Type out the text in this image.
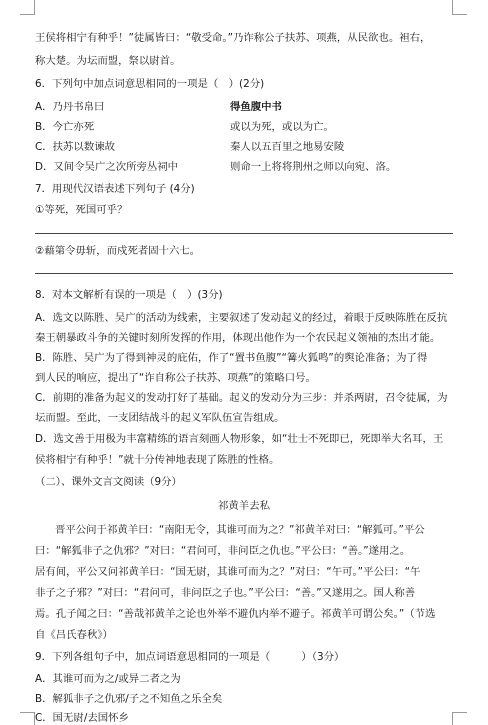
王侯将相宁有种乎！”徒属皆曰：“敬受命。”乃诈称公子扶苏、项燕，从民欲也。袒右，
称大楚。为坛而盟，祭以尉首。
6．下列句中加点词意思相同的一项是（　）(2分)
A．乃丹书帛曰	得鱼腹中书
B．今亡亦死	或以为死，或以为亡。
C．扶苏以数谏故	秦人以五百里之地易安陵
D．又间令吴广之次所旁丛祠中	则命一上将将荆州之师以向宛、洛。
7．用现代汉语表述下列句子 (4分)
①等死，死国可乎？
②藉第令毋斩，而戍死者固十六七。
8．对本文解析有误的一项是（　）(3分)
A．选文以陈胜、吴广的活动为线索，主要叙述了发动起义的经过，着眼于反映陈胜在反抗
秦王朝暴政斗争的关键时刻所发挥的作用，体现出他作为一个农民起义领袖的杰出才能。
B．陈胜、吴广为了得到神灵的庇佑，作了“置书鱼腹”“篝火狐鸣”的舆论准备；为了得
到人民的响应，提出了“诈自称公子扶苏、项燕”的策略口号。
C．前期的准备为起义的发动打好了基础。起义的发动分为三步：并杀两尉，召令徒属，为
坛而盟。至此，一支团结战斗的起义军队伍宣告组成。
D．选文善于用极为丰富精练的语言刻画人物形象，如“壮士不死即已，死即举大名耳，王
侯将相宁有种乎！”就十分传神地表现了陈胜的性格。
（二）、课外文言文阅读（9分）
祁黄羊去私
晋平公问于祁黄羊曰：“南阳无令，其谁可而为之？”祁黄羊对曰：“解狐可。”平公
曰：“解狐非子之仇邪？”对曰：“君问可，非问臣之仇也。”平公曰：“善。”遂用之。
居有间，平公又问祁黄羊曰：“国无尉，其谁可而为之？”对曰：“午可。”平公曰：“午
非子之子邪？”对曰：“君问可，非问臣之子也。”平公曰：“善。”又遂用之。国人称善
焉。孔子闻之曰：“善哉祁黄羊之论也外举不避仇内举不避子。祁黄羊可谓公矣。”（节选
自《吕氏春秋》）
9．下列各组句子中，加点词语意思相同的一项是（　　　）（3分）
A．其谁可而为之/或异二者之为
B．解狐非子之仇邪/子之不知鱼之乐全矣
C．国无尉/去国怀乡
